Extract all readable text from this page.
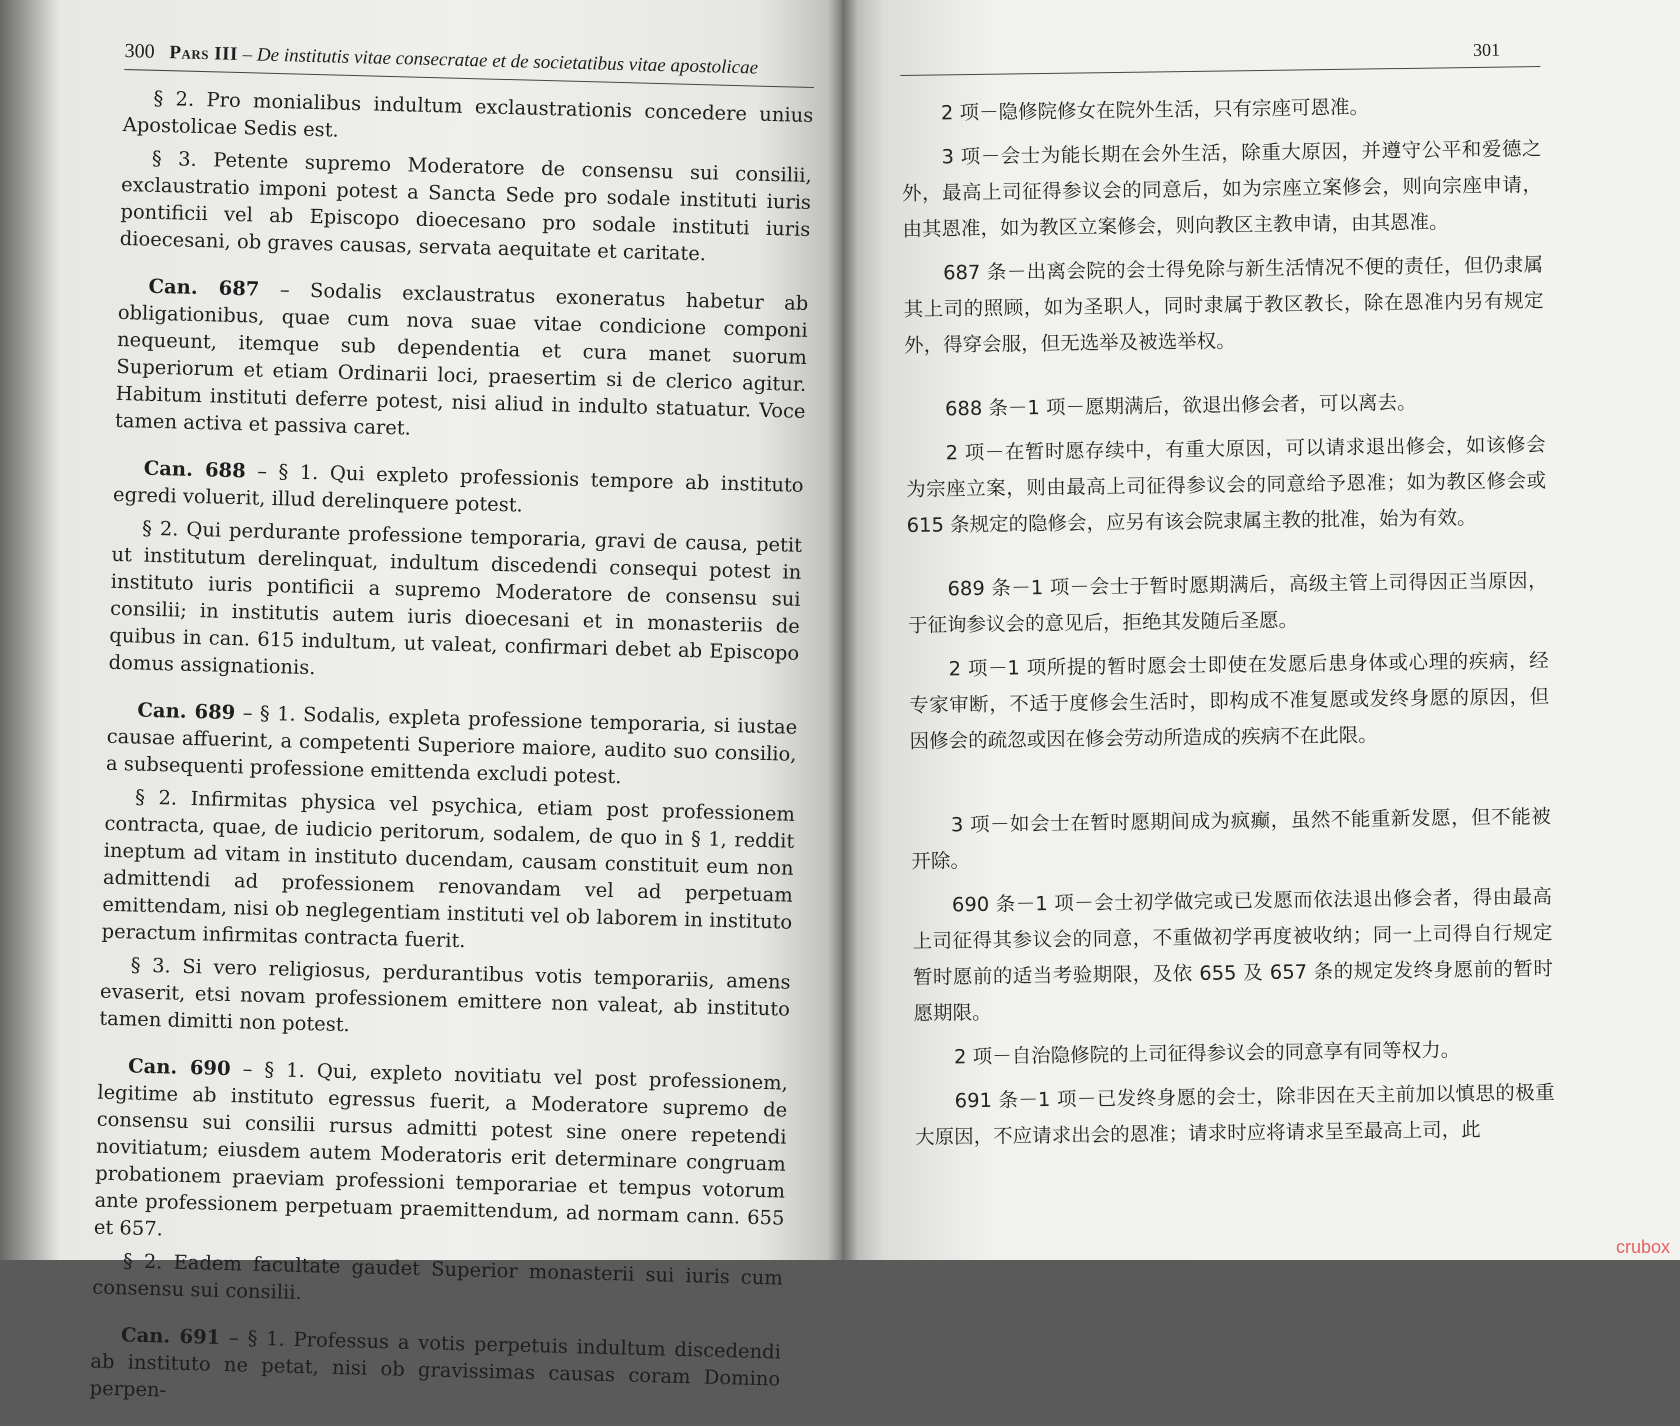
300 Pars III – De institutis vitae consecratae et de societatibus vitae apostolicae

§ 2. Pro monialibus indultum exclaustrationis concedere unius Apostolicae Sedis est.

§ 3. Petente supremo Moderatore de consensu sui consilii, exclaustratio imponi potest a Sancta Sede pro sodale instituti iuris pontificii vel ab Episcopo dioecesano pro sodale instituti iuris dioecesani, ob graves causas, servata aequitate et caritate.

Can. 687 – Sodalis exclaustratus exoneratus habetur ab obligationibus, quae cum nova suae vitae condicione componi nequeunt, itemque sub dependentia et cura manet suorum Superiorum et etiam Ordinarii loci, praesertim si de clerico agitur. Habitum instituti deferre potest, nisi aliud in indulto statuatur. Voce tamen activa et passiva caret.

Can. 688 – § 1. Qui expleto professionis tempore ab instituto egredi voluerit, illud derelinquere potest.

§ 2. Qui perdurante professione temporaria, gravi de causa, petit ut institutum derelinquat, indultum discedendi consequi potest in instituto iuris pontificii a supremo Moderatore de consensu sui consilii; in institutis autem iuris dioecesani et in monasteriis de quibus in can. 615 indultum, ut valeat, confirmari debet ab Episcopo domus assignationis.

Can. 689 – § 1. Sodalis, expleta professione temporaria, si iustae causae affuerint, a competenti Superiore maiore, audito suo consilio, a subsequenti professione emittenda excludi potest.

§ 2. Infirmitas physica vel psychica, etiam post professionem contracta, quae, de iudicio peritorum, sodalem, de quo in § 1, reddit ineptum ad vitam in instituto ducendam, causam constituit eum non admittendi ad professionem renovandam vel ad perpetuam emittendam, nisi ob neglegentiam instituti vel ob laborem in instituto peractum infirmitas contracta fuerit.

§ 3. Si vero religiosus, perdurantibus votis temporariis, amens evaserit, etsi novam professionem emittere non valeat, ab instituto tamen dimitti non potest.

Can. 690 – § 1. Qui, expleto novitiatu vel post professionem, legitime ab instituto egressus fuerit, a Moderatore supremo de consensu sui consilii rursus admitti potest sine onere repetendi novitiatum; eiusdem autem Moderatoris erit determinare congruam probationem praeviam professioni temporariae et tempus votorum ante professionem perpetuam praemittendum, ad normam cann. 655 et 657.

§ 2. Eadem facultate gaudet Superior monasterii sui iuris cum consensu sui consilii.

Can. 691 – § 1. Professus a votis perpetuis indultum discedendi ab instituto ne petat, nisi ob gravissimas causas coram Domino perpen-

301

2 项－隐修院修女在院外生活，只有宗座可恩准。

3 项－会士为能长期在会外生活，除重大原因，并遵守公平和爱德之外，最高上司征得参议会的同意后，如为宗座立案修会，则向宗座申请，由其恩准，如为教区立案修会，则向教区主教申请，由其恩准。

687 条－出离会院的会士得免除与新生活情况不便的责任，但仍隶属其上司的照顾，如为圣职人，同时隶属于教区教长，除在恩准内另有规定外，得穿会服，但无选举及被选举权。

688 条－1 项－愿期满后，欲退出修会者，可以离去。

2 项－在暂时愿存续中，有重大原因，可以请求退出修会，如该修会为宗座立案，则由最高上司征得参议会的同意给予恩准；如为教区修会或 615 条规定的隐修会，应另有该会院隶属主教的批准，始为有效。

689 条－1 项－会士于暂时愿期满后，高级主管上司得因正当原因，于征询参议会的意见后，拒绝其发随后圣愿。

2 项－1 项所提的暂时愿会士即使在发愿后患身体或心理的疾病，经专家审断，不适于度修会生活时，即构成不准复愿或发终身愿的原因，但因修会的疏忽或因在修会劳动所造成的疾病不在此限。

3 项－如会士在暂时愿期间成为疯癫，虽然不能重新发愿，但不能被开除。

690 条－1 项－会士初学做完或已发愿而依法退出修会者，得由最高上司征得其参议会的同意，不重做初学再度被收纳；同一上司得自行规定暂时愿前的适当考验期限，及依 655 及 657 条的规定发终身愿前的暂时愿期限。

2 项－自治隐修院的上司征得参议会的同意享有同等权力。

691 条－1 项－已发终身愿的会士，除非因在天主前加以慎思的极重大原因，不应请求出会的恩准；请求时应将请求呈至最高上司，此

crubox
